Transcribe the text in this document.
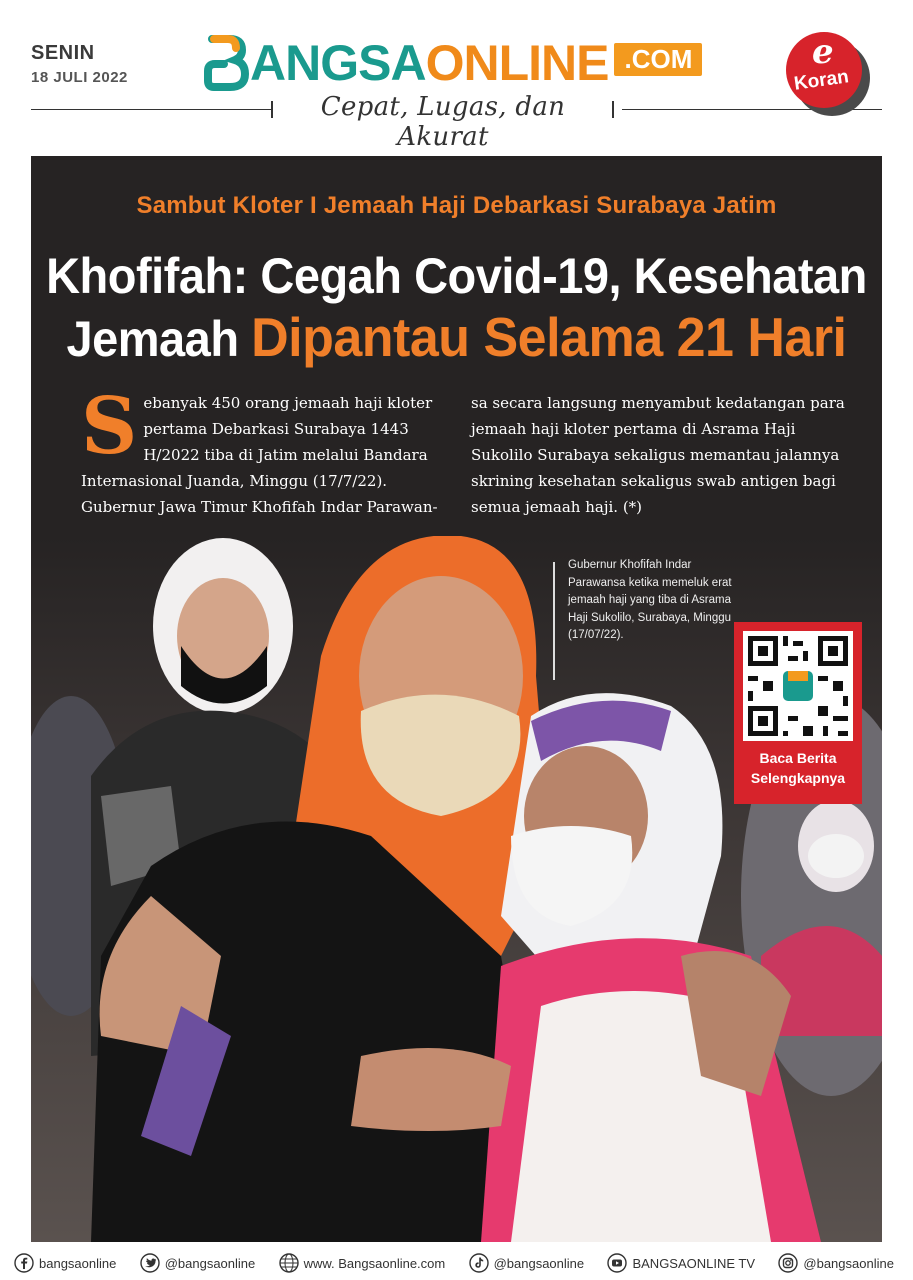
SENIN
18 JULI 2022 ANGSAONLINE .COM
Cepat, Lugas, dan Akurat
e
Koran
Sambut Kloter I Jemaah Haji Debarkasi Surabaya Jatim
Khofifah: Cegah Covid-19, Kesehatan
Jemaah Dipantau Selama 21 Hari
Sebanyak 450 orang jemaah haji kloter pertama Debarkasi Surabaya 1443 H/2022 tiba di Jatim melalui Bandara Internasional Juanda, Minggu (17/7/22). Gubernur Jawa Timur Khofifah Indar Parawan-
sa secara langsung menyambut kedatangan para jemaah haji kloter pertama di Asrama Haji Sukolilo Surabaya sekaligus memantau jalannya skrining kesehatan sekaligus swab antigen bagi semua jemaah haji. (*)
Gubernur Khofifah Indar Parawansa ketika memeluk erat jemaah haji yang tiba di Asrama Haji Sukolilo, Surabaya, Minggu (17/07/22).
Baca Berita
Selengkapnya
bangsaonline	@bangsaonline	www. Bangsaonline.com	@bangsaonline	BANGSAONLINE TV	@bangsaonline
